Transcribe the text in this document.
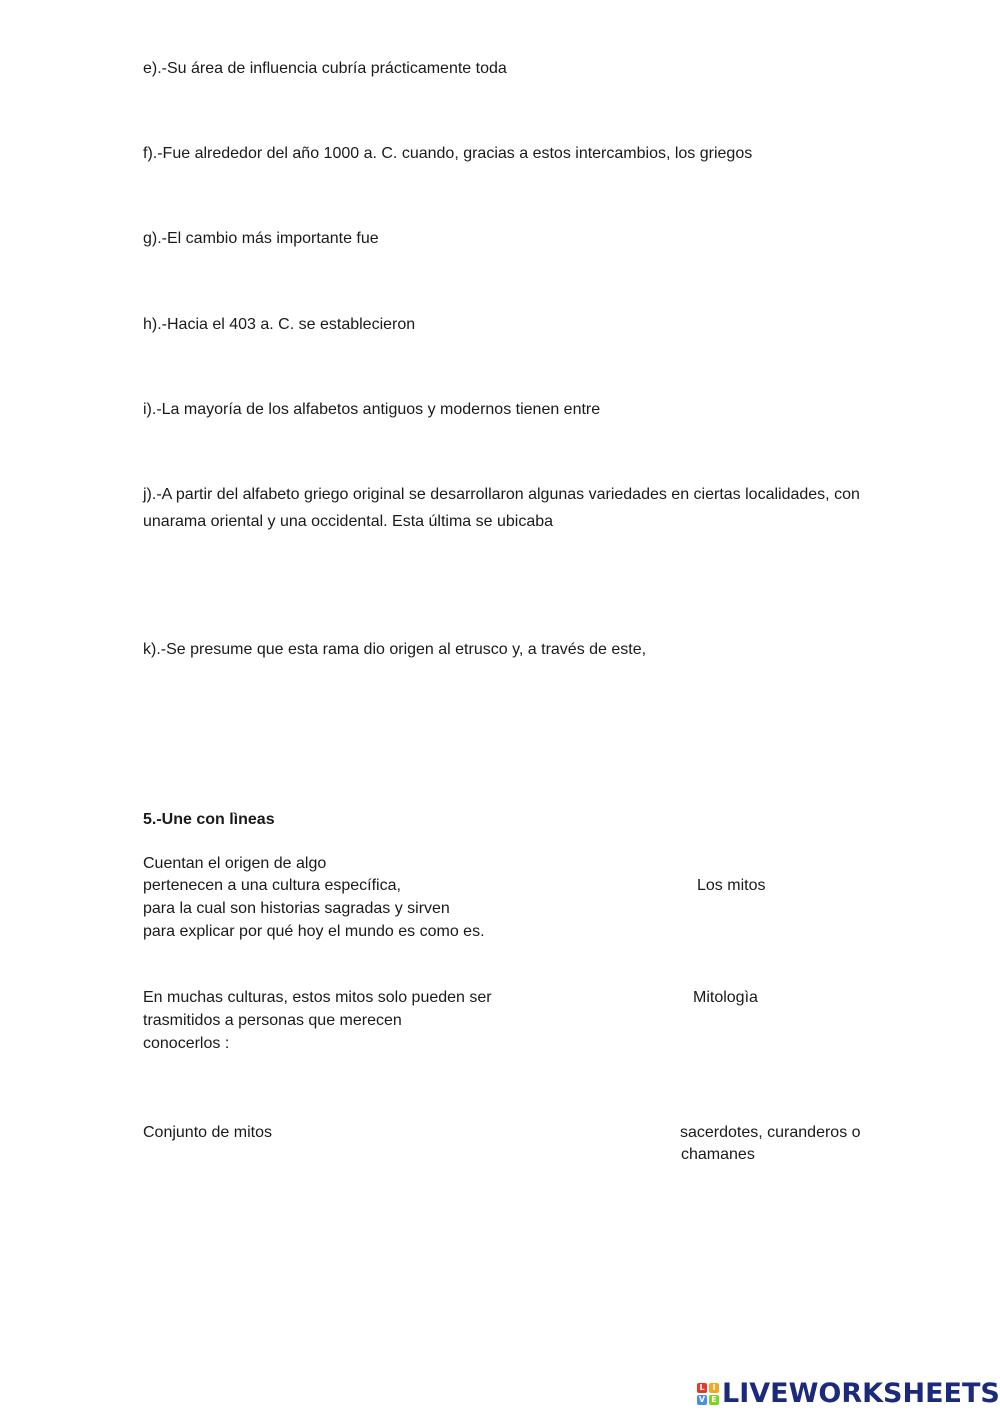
e).-Su área de influencia cubría prácticamente toda
f).-Fue alrededor del año 1000 a. C. cuando, gracias a estos intercambios, los griegos
g).-El cambio más importante fue
h).-Hacia el 403 a. C. se establecieron
i).-La mayoría de los alfabetos antiguos y modernos tienen entre
j).-A partir del alfabeto griego original se desarrollaron algunas variedades en ciertas localidades, con
unarama oriental y una occidental. Esta última se ubicaba
k).-Se presume que esta rama dio origen al etrusco y, a través de este,
5.-Une con lìneas
Cuentan el origen de algo
pertenecen a una cultura específica,
para la cual son historias sagradas y sirven
para explicar por qué hoy el mundo es como es.
Los mitos
En muchas culturas, estos mitos solo pueden ser
trasmitidos a personas que merecen
conocerlos :
Mitologìa
Conjunto de mitos	sacerdotes, curanderos o
chamanes
L I
V E LIVEWORKSHEETS
